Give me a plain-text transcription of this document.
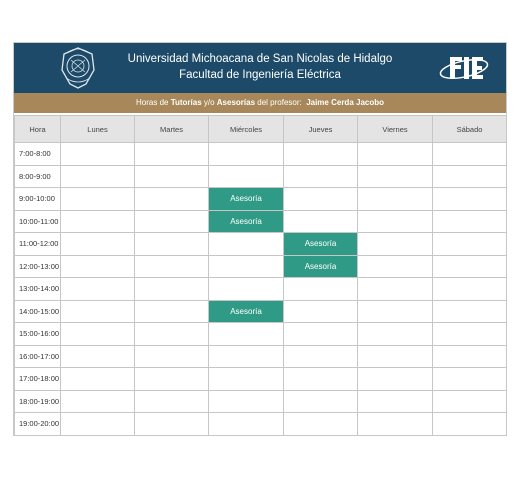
Universidad Michoacana de San Nicolas de Hidalgo
Facultad de Ingeniería Eléctrica
Horas de Tutorías y/o Asesorías del profesor:  Jaime Cerda Jacobo
Hora	Lunes	Martes	Miércoles	Jueves	Viernes	Sábado
7:00-8:00						
8:00-9:00						
9:00-10:00			Asesoría			
10:00-11:00			Asesoría			
11:00-12:00				Asesoría		
12:00-13:00				Asesoría		
13:00-14:00						
14:00-15:00			Asesoría			
15:00-16:00						
16:00-17:00						
17:00-18:00						
18:00-19:00						
19:00-20:00						
